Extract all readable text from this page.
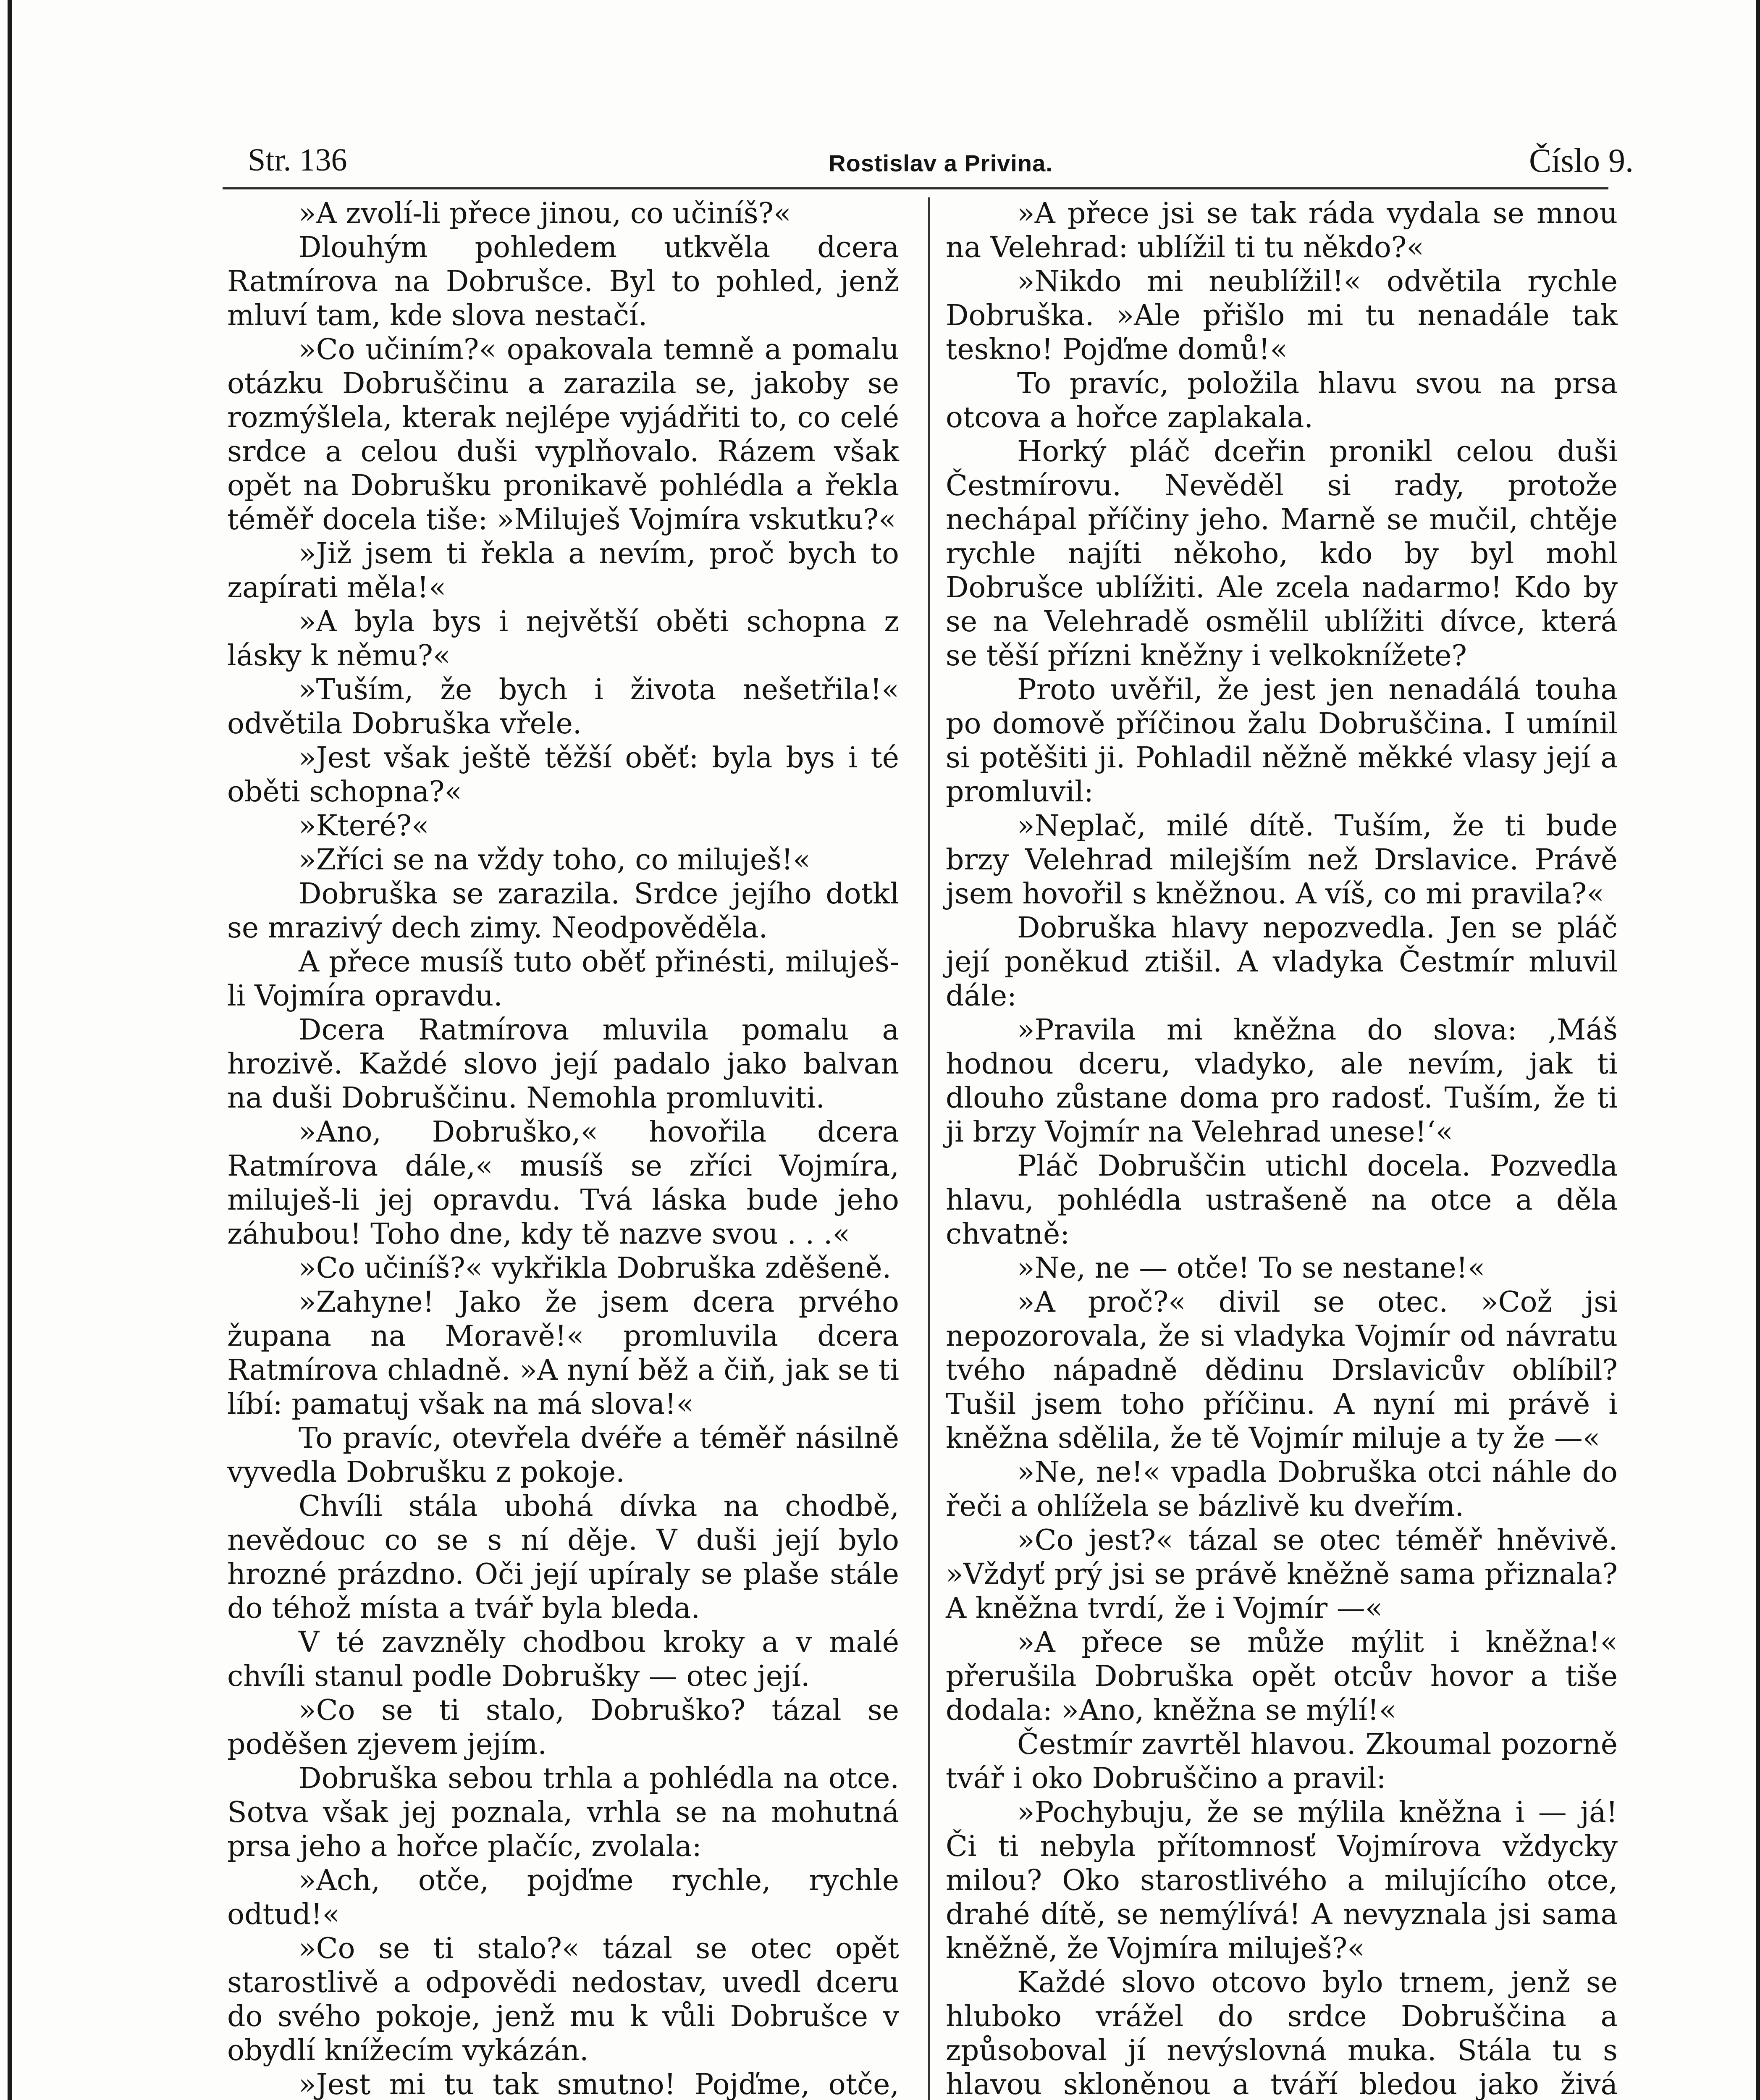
Str. 136	Rostislav a Privina.	Číslo 9.

»A zvolí-li přece jinou, co učiníš?«

Dlouhým pohledem utkvěla dcera Ratmírova na Dobrušce. Byl to pohled, jenž mluví tam, kde slova nestačí.

»Co učiním?« opakovala temně a pomalu otázku Dobruščinu a zarazila se, jakoby se rozmýšlela, kterak nejlépe vyjádřiti to, co celé srdce a celou duši vyplňovalo. Rázem však opět na Dobrušku pronikavě pohlédla a řekla téměř docela tiše: »Miluješ Vojmíra vskutku?«

»Již jsem ti řekla a nevím, proč bych to zapírati měla!«

»A byla bys i největší oběti schopna z lásky k němu?«

»Tuším, že bych i života nešetřila!« odvětila Dobruška vřele.

»Jest však ještě těžší oběť: byla bys i té oběti schopna?«

»Které?«

»Zříci se na vždy toho, co miluješ!«

Dobruška se zarazila. Srdce jejího dotkl se mrazivý dech zimy. Neodpověděla.

A přece musíš tuto oběť přinésti, miluješ-li Vojmíra opravdu.

Dcera Ratmírova mluvila pomalu a hrozivě. Každé slovo její padalo jako balvan na duši Dobruščinu. Nemohla promluviti.

»Ano, Dobruško,« hovořila dcera Ratmírova dále,« musíš se zříci Vojmíra, miluješ-li jej opravdu. Tvá láska bude jeho záhubou! Toho dne, kdy tě nazve svou . . .«

»Co učiníš?« vykřikla Dobruška zděšeně.

»Zahyne! Jako že jsem dcera prvého župana na Moravě!« promluvila dcera Ratmírova chladně. »A nyní běž a čiň, jak se ti líbí: pamatuj však na má slova!«

To pravíc, otevřela dvéře a téměř násilně vyvedla Dobrušku z pokoje.

Chvíli stála ubohá dívka na chodbě, nevědouc co se s ní děje. V duši její bylo hrozné prázdno. Oči její upíraly se plaše stále do téhož místa a tvář byla bleda.

V té zavzněly chodbou kroky a v malé chvíli stanul podle Dobrušky — otec její.

»Co se ti stalo, Dobruško? tázal se poděšen zjevem jejím.

Dobruška sebou trhla a pohlédla na otce. Sotva však jej poznala, vrhla se na mohutná prsa jeho a hořce plačíc, zvolala:

»Ach, otče, pojďme rychle, rychle odtud!«

»Co se ti stalo?« tázal se otec opět starostlivě a odpovědi nedostav, uvedl dceru do svého pokoje, jenž mu k vůli Dobrušce v obydlí knížecím vykázán.

»Jest mi tu tak smutno! Pojďme, otče,

»A přece jsi se tak ráda vydala se mnou na Velehrad: ublížil ti tu někdo?«

»Nikdo mi neublížil!« odvětila rychle Dobruška. »Ale přišlo mi tu nenadále tak teskno! Pojďme domů!«

To pravíc, položila hlavu svou na prsa otcova a hořce zaplakala.

Horký pláč dceřin pronikl celou duši Čestmírovu. Nevěděl si rady, protože nechápal příčiny jeho. Marně se mučil, chtěje rychle najíti někoho, kdo by byl mohl Dobrušce ublížiti. Ale zcela nadarmo! Kdo by se na Velehradě osmělil ublížiti dívce, která se těší přízni kněžny i velkoknížete?

Proto uvěřil, že jest jen nenadálá touha po domově příčinou žalu Dobruščina. I umínil si potěšiti ji. Pohladil něžně měkké vlasy její a promluvil:

»Neplač, milé dítě. Tuším, že ti bude brzy Velehrad milejším než Drslavice. Právě jsem hovořil s kněžnou. A víš, co mi pravila?«

Dobruška hlavy nepozvedla. Jen se pláč její poněkud ztišil. A vladyka Čestmír mluvil dále:

»Pravila mi kněžna do slova: ‚Máš hodnou dceru, vladyko, ale nevím, jak ti dlouho zůstane doma pro radosť. Tuším, že ti ji brzy Vojmír na Velehrad unese!‘«

Pláč Dobruščin utichl docela. Pozvedla hlavu, pohlédla ustrašeně na otce a děla chvatně:

»Ne, ne — otče! To se nestane!«

»A proč?« divil se otec. »Což jsi nepozorovala, že si vladyka Vojmír od návratu tvého nápadně dědinu Drslavicův oblíbil? Tušil jsem toho příčinu. A nyní mi právě i kněžna sdělila, že tě Vojmír miluje a ty že —«

»Ne, ne!« vpadla Dobruška otci náhle do řeči a ohlížela se bázlivě ku dveřím.

»Co jest?« tázal se otec téměř hněvivě. »Vždyť prý jsi se právě kněžně sama přiznala? A kněžna tvrdí, že i Vojmír —«

»A přece se může mýlit i kněžna!« přerušila Dobruška opět otcův hovor a tiše dodala: »Ano, kněžna se mýlí!«

Čestmír zavrtěl hlavou. Zkoumal pozorně tvář i oko Dobruščino a pravil:

»Pochybuju, že se mýlila kněžna i — já! Či ti nebyla přítomnosť Vojmírova vždycky milou? Oko starostlivého a milujícího otce, drahé dítě, se nemýlívá! A nevyznala jsi sama kněžně, že Vojmíra miluješ?«

Každé slovo otcovo bylo trnem, jenž se hluboko vrážel do srdce Dobruščina a způsoboval jí nevýslovná muka. Stála tu s hlavou skloněnou a tváří bledou jako živá
